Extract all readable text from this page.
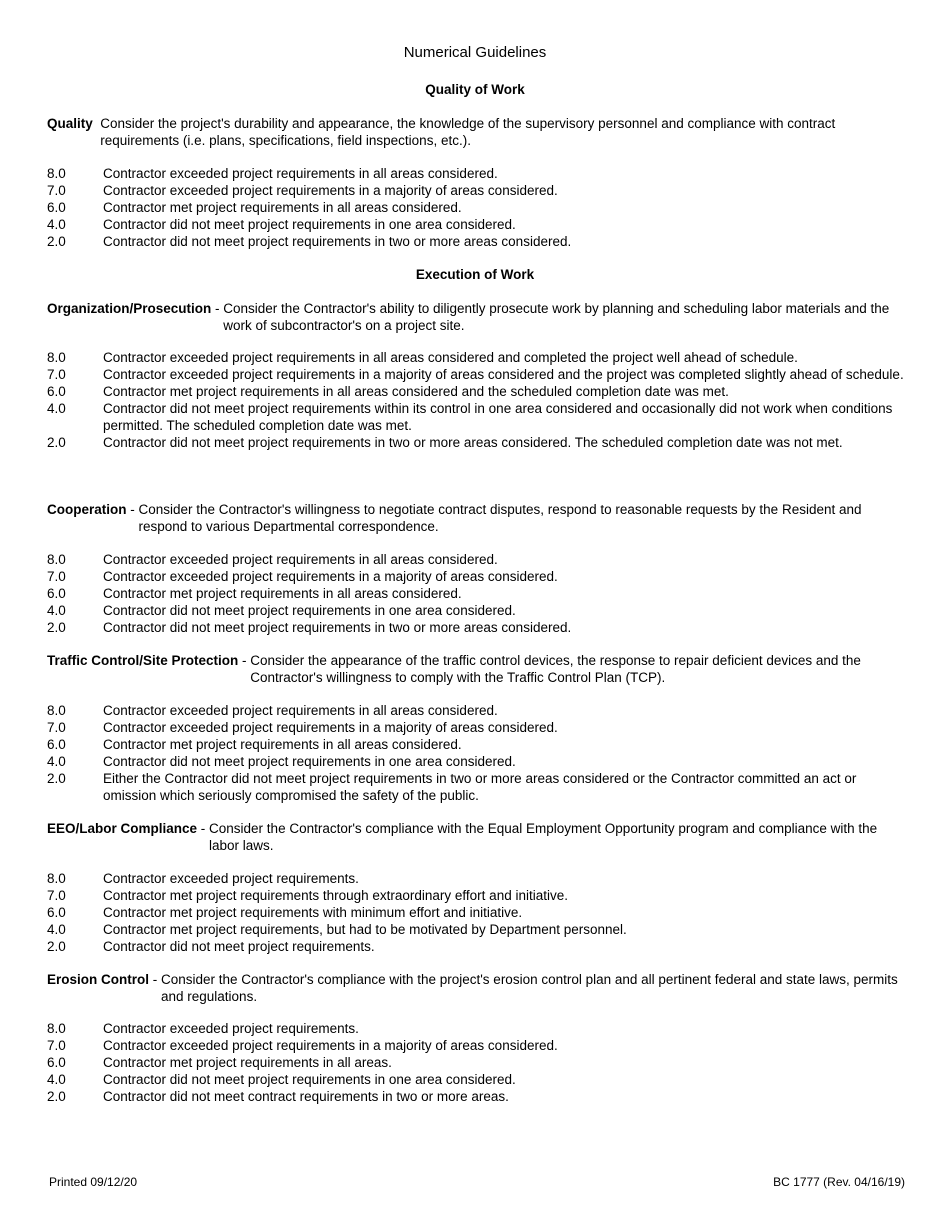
Numerical Guidelines
Quality of Work
Quality
Consider the project's durability and appearance, the knowledge of the supervisory personnel and compliance with contract requirements (i.e. plans, specifications, field inspections, etc.).
8.0	Contractor exceeded project requirements in all areas considered.
7.0	Contractor exceeded project requirements in a majority of areas considered.
6.0	Contractor met project requirements in all areas considered.
4.0	Contractor did not meet project requirements in one area considered.
2.0	Contractor did not meet project requirements in two or more areas considered.
Execution of Work
Organization/Prosecution - Consider the Contractor's ability to diligently prosecute work by planning and scheduling labor materials and the work of subcontractor's on a project site.
8.0	Contractor exceeded project requirements in all areas considered and completed the project well ahead of schedule.
7.0	Contractor exceeded project requirements in a majority of areas considered and the project was completed slightly ahead of schedule.
6.0	Contractor met project requirements in all areas considered and the scheduled completion date was met.
4.0	Contractor did not meet project requirements within its control in one area considered and occasionally did not work when conditions permitted. The scheduled completion date was met.
2.0	Contractor did not meet project requirements in two or more areas considered. The scheduled completion date was not met.
Cooperation - Consider the Contractor's willingness to negotiate contract disputes, respond to reasonable requests by the Resident and respond to various Departmental correspondence.
8.0	Contractor exceeded project requirements in all areas considered.
7.0	Contractor exceeded project requirements in a majority of areas considered.
6.0	Contractor met project requirements in all areas considered.
4.0	Contractor did not meet project requirements in one area considered.
2.0	Contractor did not meet project requirements in two or more areas considered.
Traffic Control/Site Protection - Consider the appearance of the traffic control devices, the response to repair deficient devices and the Contractor's willingness to comply with the Traffic Control Plan (TCP).
8.0	Contractor exceeded project requirements in all areas considered.
7.0	Contractor exceeded project requirements in a majority of areas considered.
6.0	Contractor met project requirements in all areas considered.
4.0	Contractor did not meet project requirements in one area considered.
2.0	Either the Contractor did not meet project requirements in two or more areas considered or the Contractor committed an act or omission which seriously compromised the safety of the public.
EEO/Labor Compliance - Consider the Contractor's compliance with the Equal Employment Opportunity program and compliance with the labor laws.
8.0	Contractor exceeded project requirements.
7.0	Contractor met project requirements through extraordinary effort and initiative.
6.0	Contractor met project requirements with minimum effort and initiative.
4.0	Contractor met project requirements, but had to be motivated by Department personnel.
2.0	Contractor did not meet project requirements.
Erosion Control - Consider the Contractor's compliance with the project's erosion control plan and all pertinent federal and state laws, permits and regulations.
8.0	Contractor exceeded project requirements.
7.0	Contractor exceeded project requirements in a majority of areas considered.
6.0	Contractor met project requirements in all areas.
4.0	Contractor did not meet project requirements in one area considered.
2.0	Contractor did not meet contract requirements in two or more areas.
Printed 09/12/20	BC 1777 (Rev. 04/16/19)
